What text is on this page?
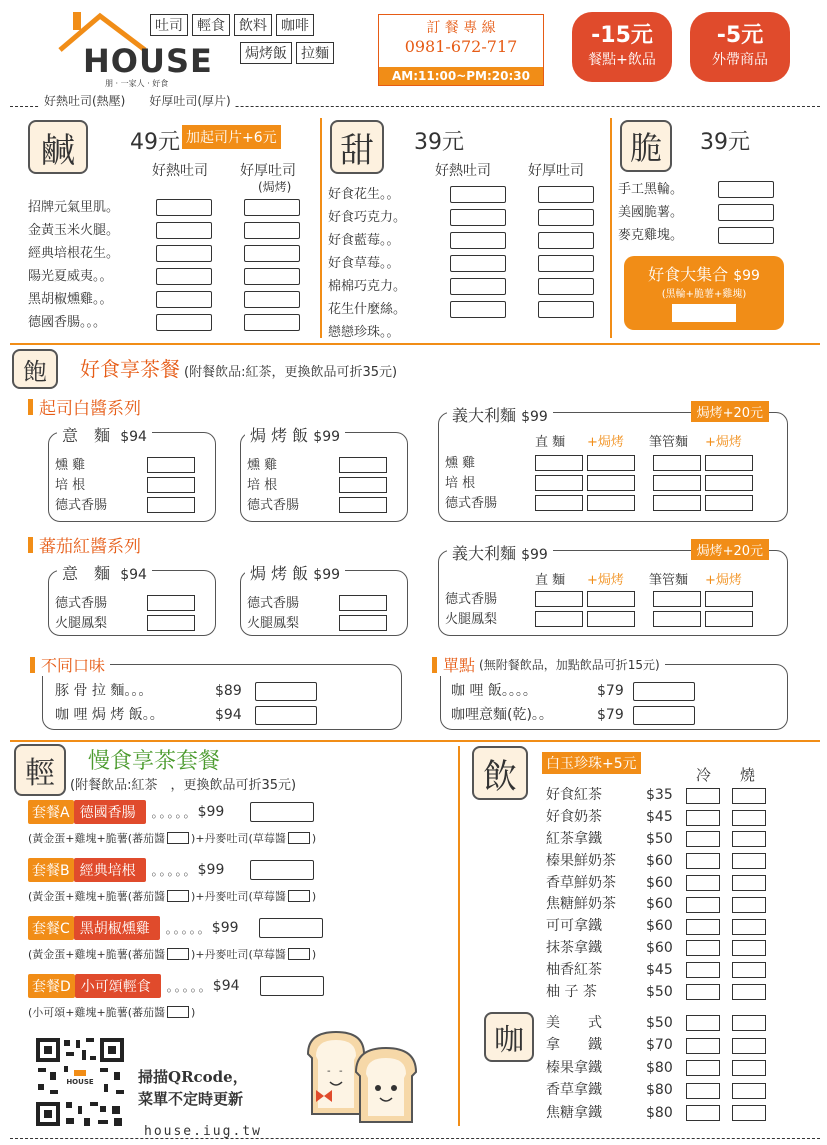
HOUSE
朋 · 一家人 · 好食
吐司	輕食	飲料	咖啡
焗烤飯	拉麵
訂 餐 專 線
0981-672-717
AM:11:00~PM:20:30
-15元
餐點+飲品
-5元
外帶商品
好熱吐司(熱壓)　　好厚吐司(厚片)
鹹	49元 加起司片+6元
好熱吐司 好厚吐司
(焗烤)
招牌元氣里肌。
金黃玉米火腿。
經典培根花生。
陽光夏威夷。。
黑胡椒燻雞。。
德國香腸。。。
甜	39元
好熱吐司	好厚吐司
好食花生。。
好食巧克力。
好食藍莓。。
好食草莓。。
棉棉巧克力。
花生什麼絲。
戀戀珍珠。。
脆	39元
手工黑輪。
美國脆薯。
麥克雞塊。
好食大集合 $99
(黑輪+脆薯+雞塊)
飽	好食享茶餐 (附餐飲品:紅茶，更換飲品可折35元)
起司白醬系列
意　麵 $94
燻 雞
培 根
德式香腸
焗 烤 飯 $99
燻 雞
培 根
德式香腸
義大利麵 $99	焗烤+20元
直 麵	+焗烤	筆管麵	+焗烤
燻 雞
培 根
德式香腸
蕃茄紅醬系列
意　麵 $94
德式香腸
火腿鳳梨
焗 烤 飯 $99
德式香腸
火腿鳳梨
義大利麵 $99	焗烤+20元
直 麵	+焗烤	筆管麵	+焗烤
德式香腸
火腿鳳梨
不同口味
豚 骨 拉 麵。。。	$89
咖 哩 焗 烤 飯。。	$94
單點 (無附餐飲品，加點飲品可折15元)
咖 哩 飯。。。。	$79
咖哩意麵(乾)。。	$79
輕	慢食享茶套餐
(附餐飲品:紅茶　，更換飲品可折35元)
套餐A 德國香腸	。。。。。 $99
(黃金蛋+雞塊+脆薯(蕃茄醬 )+丹麥吐司(草莓醬 )
套餐B 經典培根	。。。。。 $99
(黃金蛋+雞塊+脆薯(蕃茄醬 )+丹麥吐司(草莓醬 )
套餐C 黑胡椒燻雞	。。。。。 $99
(黃金蛋+雞塊+脆薯(蕃茄醬 )+丹麥吐司(草莓醬 )
套餐D 小可頌輕食	。。。。。 $94
(小可頌+雞塊+脆薯(蕃茄醬 )
飲	白玉珍珠+5元
冷 燒
好食紅茶	$35
好食奶茶	$45
紅茶拿鐵	$50
榛果鮮奶茶	$60
香草鮮奶茶	$60
焦糖鮮奶茶	$60
可可拿鐵	$60
抹茶拿鐵	$60
柚香紅茶	$45
柚 子 茶	$50
咖
美　　式	$50
拿　　鐵	$70
榛果拿鐵	$80
香草拿鐵	$80
焦糖拿鐵	$80
HOUSE	掃描QRcode，
菜單不定時更新
- -
house.iug.tw
